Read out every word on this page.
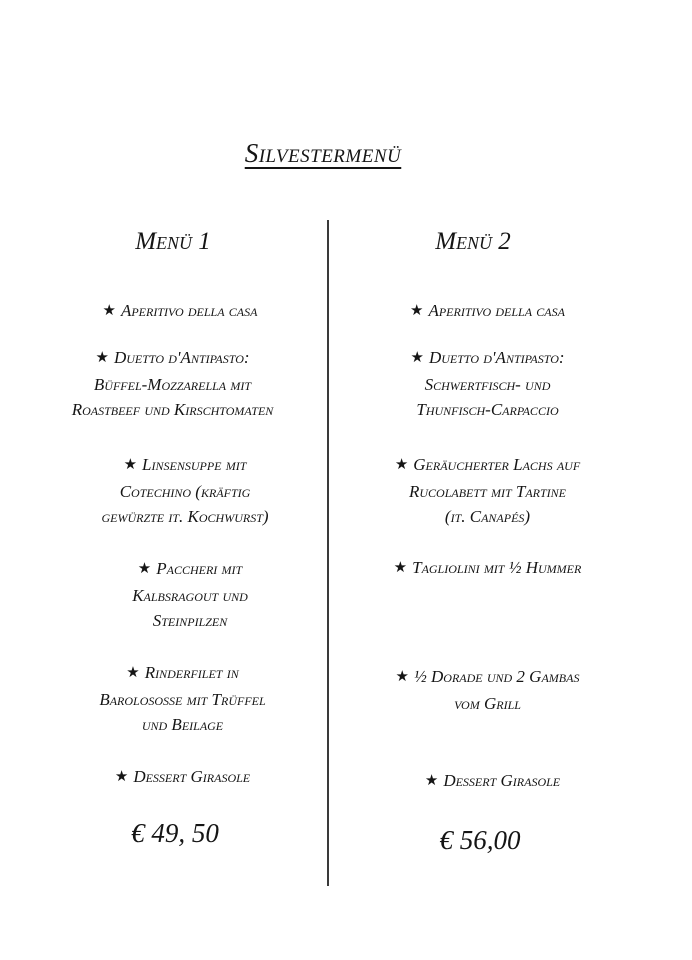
Silvestermenü
Menü 1
★ Aperitivo della casa
★ Duetto d'Antipasto:
Büffel-Mozzarella mit
Roastbeef und Kirschtomaten
★ Linsensuppe mit
Cotechino (kräftig
gewürzte it. Kochwurst)
★ Paccheri mit
Kalbsragout und
Steinpilzen
★ Rinderfilet in
Barolosoße mit Trüffel
und Beilage
★ Dessert Girasole
€ 49, 50
Menü 2
★ Aperitivo della casa
★ Duetto d'Antipasto:
Schwertfisch- und
Thunfisch-Carpaccio
★ Geräucherter Lachs auf
Rucolabett mit Tartine
(it. Canapés)
★ Tagliolini mit ½ Hummer
★ ½ Dorade und 2 Gambas
vom Grill
★ Dessert Girasole
€ 56,00
